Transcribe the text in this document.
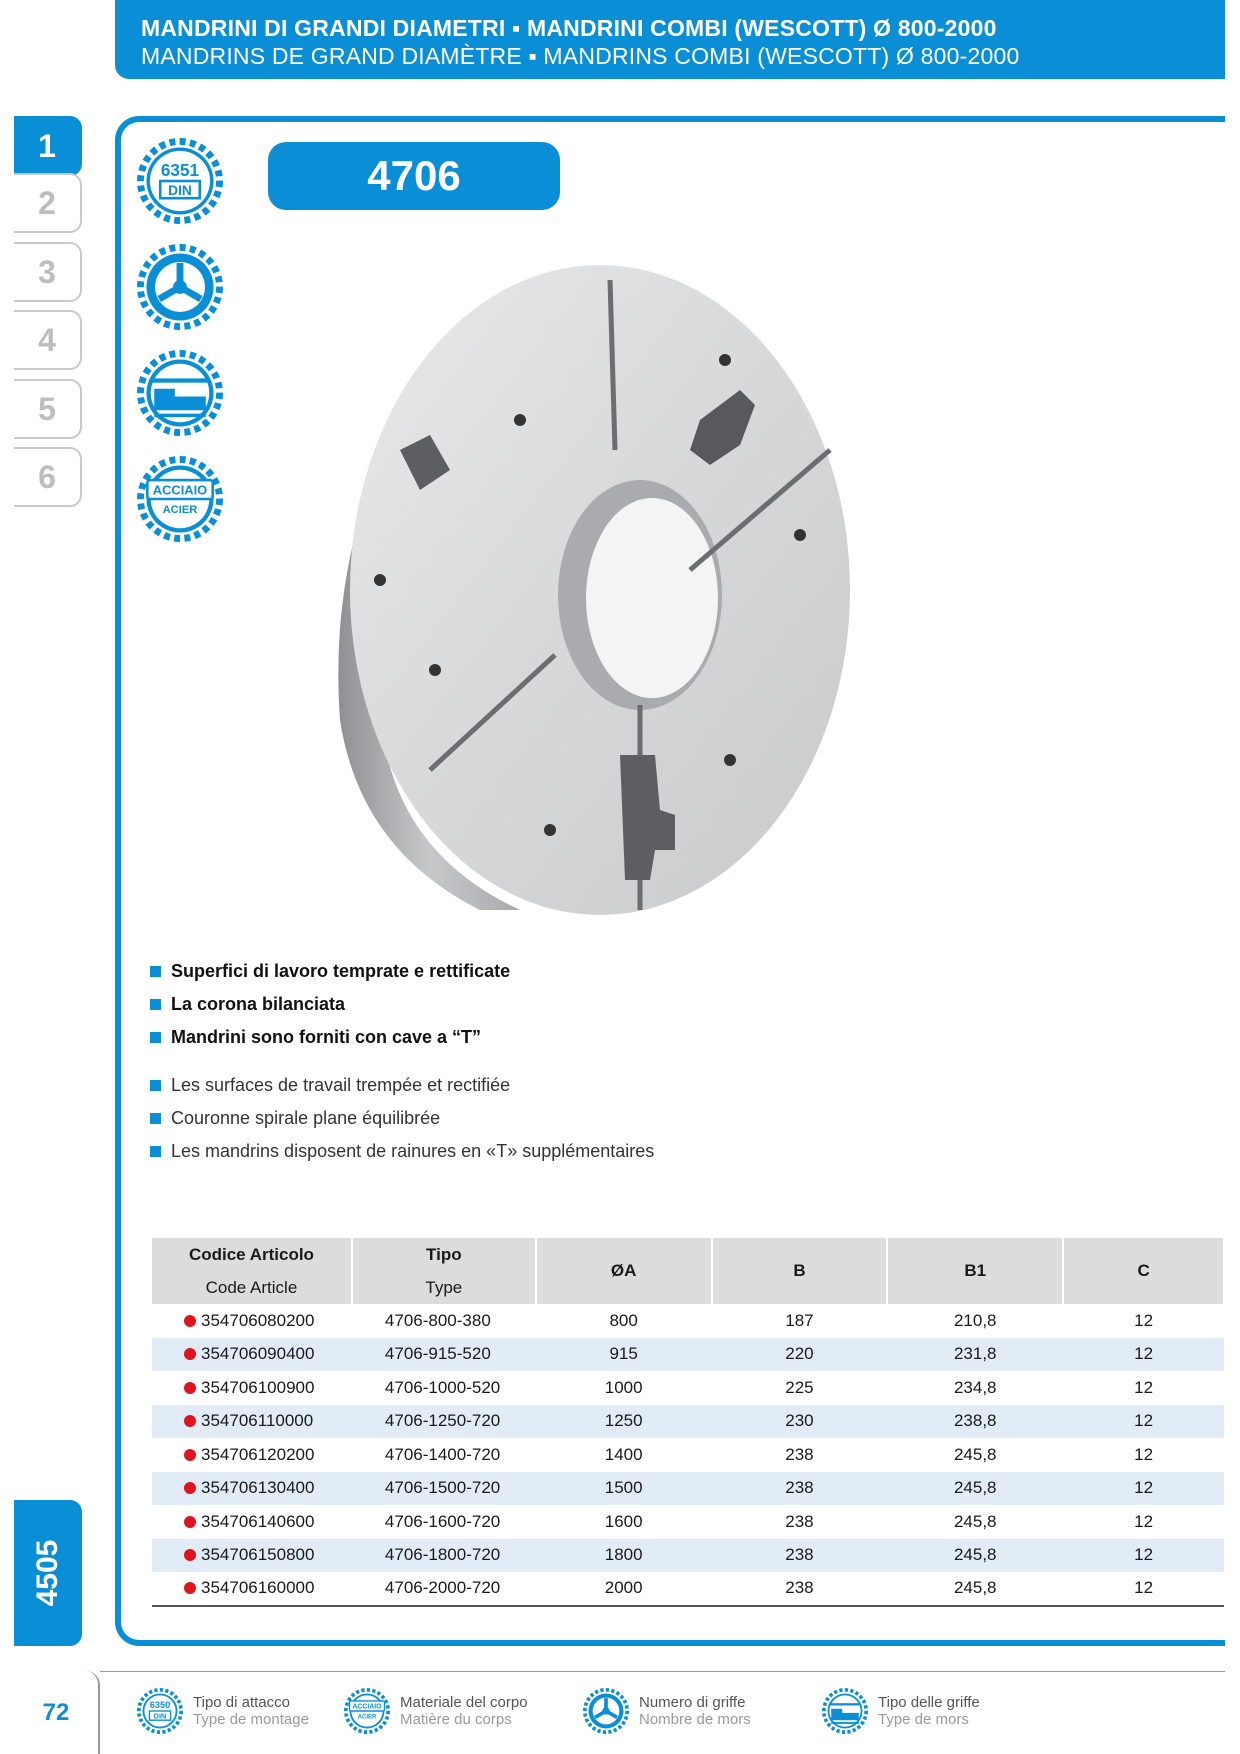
MANDRINI DI GRANDI DIAMETRI ▪ MANDRINI COMBI (WESCOTT) Ø 800-2000
MANDRINS DE GRAND DIAMÈTRE ▪ MANDRINS COMBI (WESCOTT) Ø 800-2000
1
2
3
4
5
6
4505
6351
DIN
ACCIAIO
ACIER
4706
Superfici di lavoro temprate e rettificate
La corona bilanciata
Mandrini sono forniti con cave a “T”
Les surfaces de travail trempée et rectifiée
Couronne spirale plane équilibrée
Les mandrins disposent de rainures en «T» supplémentaires
Codice Articolo	Tipo	ØA	B	B1	C
Code Article	Type				
354706080200	4706-800-380	800	187	210,8	12
354706090400	4706-915-520	915	220	231,8	12
354706100900	4706-1000-520	1000	225	234,8	12
354706110000	4706-1250-720	1250	230	238,8	12
354706120200	4706-1400-720	1400	238	245,8	12
354706130400	4706-1500-720	1500	238	245,8	12
354706140600	4706-1600-720	1600	238	245,8	12
354706150800	4706-1800-720	1800	238	245,8	12
354706160000	4706-2000-720	2000	238	245,8	12
72	6350
DIN
Tipo di attacco
Type de montage
ACCIAIO
ACIER
Materiale del corpo
Matière du corps
Numero di griffe
Nombre de mors
Tipo delle griffe
Type de mors
